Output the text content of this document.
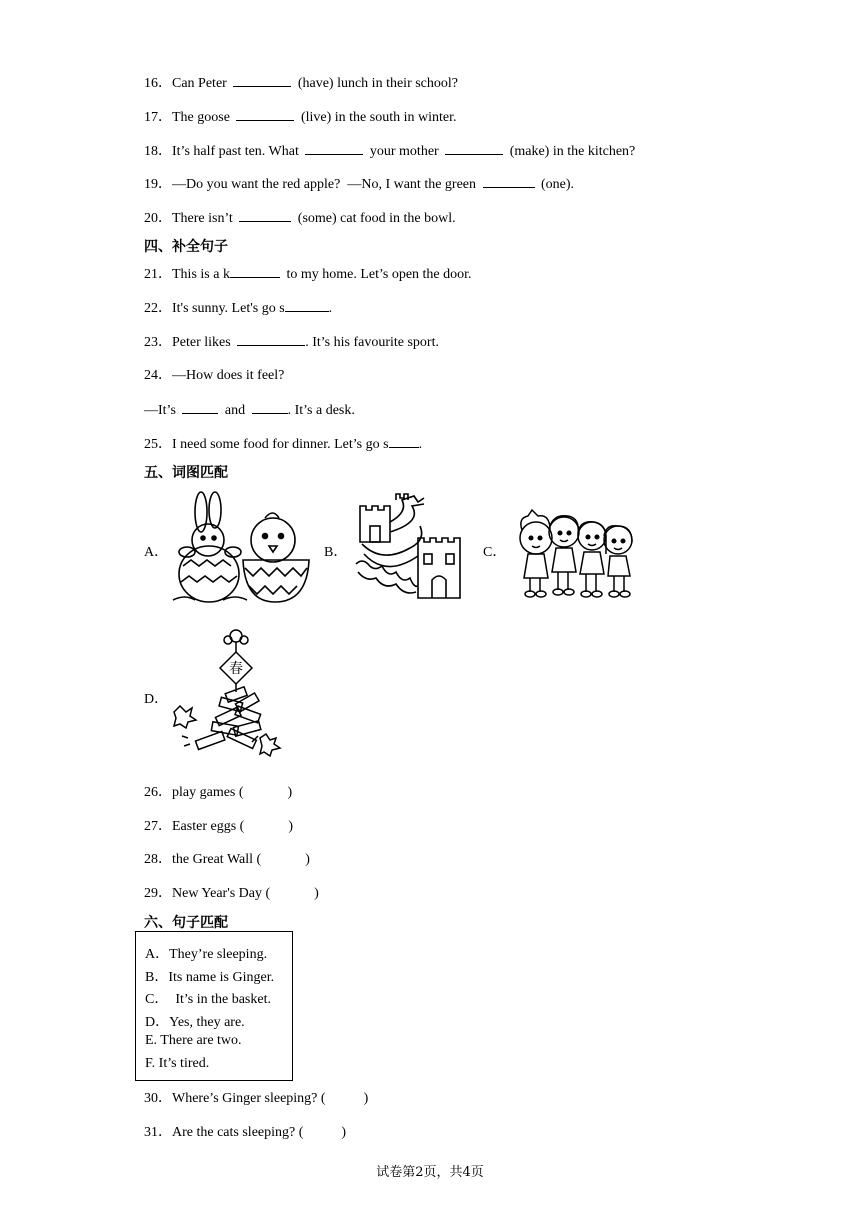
16．Can Peter	(have) lunch in their school?
17．The goose	(live) in the south in winter.
18．It’s half past ten. What	your mother	(make) in the kitchen?
19．—Do you want the red apple?  —No, I want the green	(one).
20．There isn’t	(some) cat food in the bowl.
四、补全句子
21．This is a k	to my home. Let’s open the door.
22．It's sunny. Let's go s	.
23．Peter likes	. It’s his favourite sport.
24．—How does it feel?
—It’s	and	. It’s a desk.
25．I need some food for dinner. Let’s go s .
五、词图匹配
A．	B．	C．
D．
春
26．play games (	)
27．Easter eggs (	)
28．the Great Wall (	)
29．New Year's Day (	)
六、句子匹配
A．They’re sleeping.
B．Its name is Ginger.
C．  It’s in the basket.
D．Yes, they are.
E. There are two.
F. It’s tired.
30．Where’s Ginger sleeping? (	)
31．Are the cats sleeping? (	)
试卷第2页，共4页
